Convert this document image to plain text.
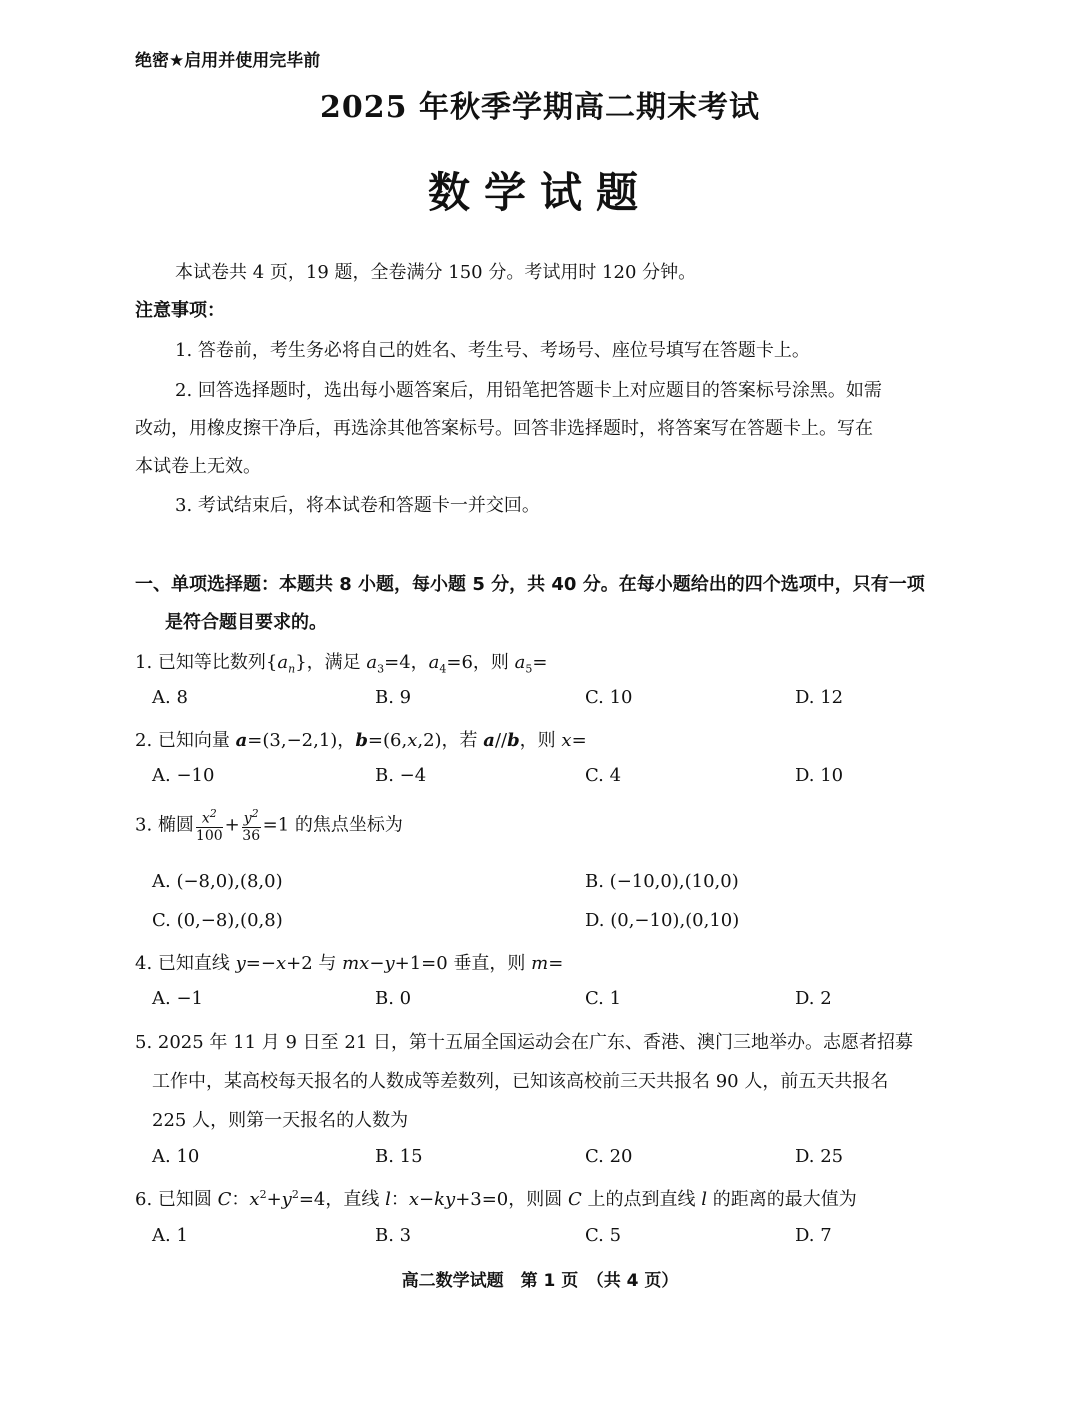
绝密★启用并使用完毕前
2025 年秋季学期高二期末考试
数学试题
本试卷共 4 页，19 题，全卷满分 150 分。考试用时 120 分钟。
注意事项：
1. 答卷前，考生务必将自己的姓名、考生号、考场号、座位号填写在答题卡上。
2. 回答选择题时，选出每小题答案后，用铅笔把答题卡上对应题目的答案标号涂黑。如需
改动，用橡皮擦干净后，再选涂其他答案标号。回答非选择题时，将答案写在答题卡上。写在
本试卷上无效。
3. 考试结束后，将本试卷和答题卡一并交回。
一、单项选择题：本题共 8 小题，每小题 5 分，共 40 分。在每小题给出的四个选项中，只有一项
是符合题目要求的。
1. 已知等比数列$\{a_n\}$，满足 $a_3=4$，$a_4=6$，则 $a_5=$
A. 8	B. 9	C. 10	D. 12
2. 已知向量 a=(3,−2,1)，b=(6,x,2)，若 a//b，则 x=
A. −10	B. −4	C. 4	D. 10
3. 椭圆 $\frac{x^2}{100} + \frac{y^2}{36} =1$ 的焦点坐标为
A. (−8,0),(8,0)	B. (−10,0),(10,0)
C. (0,−8),(0,8)	D. (0,−10),(0,10)
4. 已知直线 y=−x+2 与 mx−y+1=0 垂直，则 m=
A. −1	B. 0	C. 1	D. 2
5. 2025 年 11 月 9 日至 21 日，第十五届全国运动会在广东、香港、澳门三地举办。志愿者招募
工作中，某高校每天报名的人数成等差数列，已知该高校前三天共报名 90 人，前五天共报名
225 人，则第一天报名的人数为
A. 10	B. 15	C. 20	D. 25
6. 已知圆 C：$x^2+y^2=4$，直线 l：x−ky+3=0，则圆 C 上的点到直线 l 的距离的最大值为
A. 1	B. 3	C. 5	D. 7
高二数学试题　第 1 页　（共 4 页）
